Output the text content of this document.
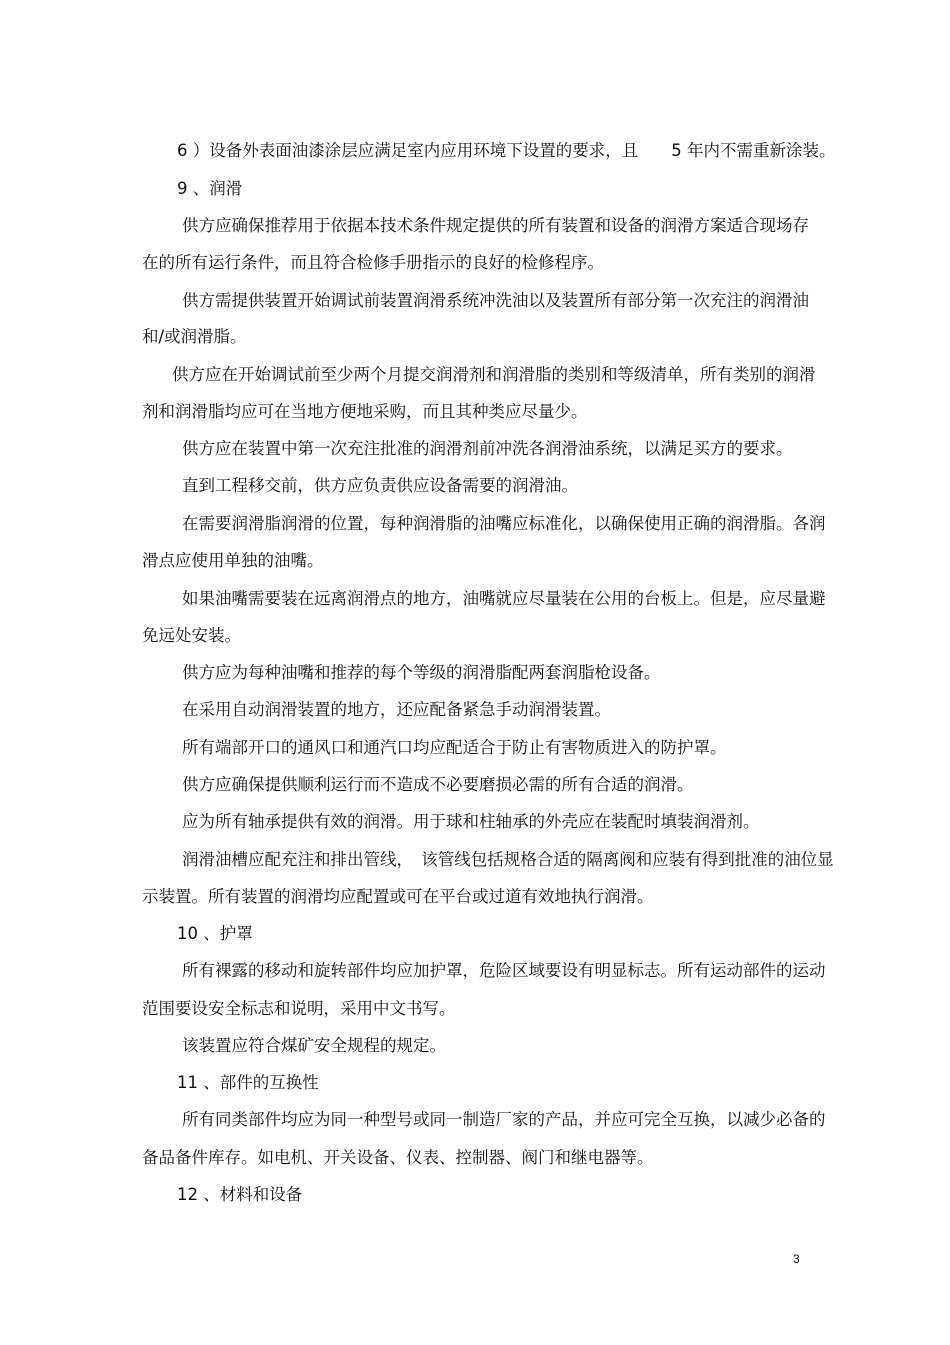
6 ）设备外表面油漆涂层应满足室内应用环境下设置的要求，且　　5 年内不需重新涂装。

9 、润滑

供方应确保推荐用于依据本技术条件规定提供的所有装置和设备的润滑方案适合现场存

在的所有运行条件，而且符合检修手册指示的良好的检修程序。

供方需提供装置开始调试前装置润滑系统冲洗油以及装置所有部分第一次充注的润滑油

和/或润滑脂。

供方应在开始调试前至少两个月提交润滑剂和润滑脂的类别和等级清单，所有类别的润滑

剂和润滑脂均应可在当地方便地采购，而且其种类应尽量少。

供方应在装置中第一次充注批准的润滑剂前冲洗各润滑油系统，以满足买方的要求。

直到工程移交前，供方应负责供应设备需要的润滑油。

在需要润滑脂润滑的位置，每种润滑脂的油嘴应标准化，以确保使用正确的润滑脂。各润

滑点应使用单独的油嘴。

如果油嘴需要装在远离润滑点的地方，油嘴就应尽量装在公用的台板上。但是，应尽量避

免远处安装。

供方应为每种油嘴和推荐的每个等级的润滑脂配两套润脂枪设备。

在采用自动润滑装置的地方，还应配备紧急手动润滑装置。

所有端部开口的通风口和通汽口均应配适合于防止有害物质进入的防护罩。

供方应确保提供顺利运行而不造成不必要磨损必需的所有合适的润滑。

应为所有轴承提供有效的润滑。用于球和柱轴承的外壳应在装配时填装润滑剂。

润滑油槽应配充注和排出管线，　该管线包括规格合适的隔离阀和应装有得到批准的油位显

示装置。所有装置的润滑均应配置或可在平台或过道有效地执行润滑。

10 、护罩

所有裸露的移动和旋转部件均应加护罩，危险区域要设有明显标志。所有运动部件的运动

范围要设安全标志和说明，采用中文书写。

该装置应符合煤矿安全规程的规定。

11 、部件的互换性

所有同类部件均应为同一种型号或同一制造厂家的产品，并应可完全互换，以减少必备的

备品备件库存。如电机、开关设备、仪表、控制器、阀门和继电器等。

12 、材料和设备

3
